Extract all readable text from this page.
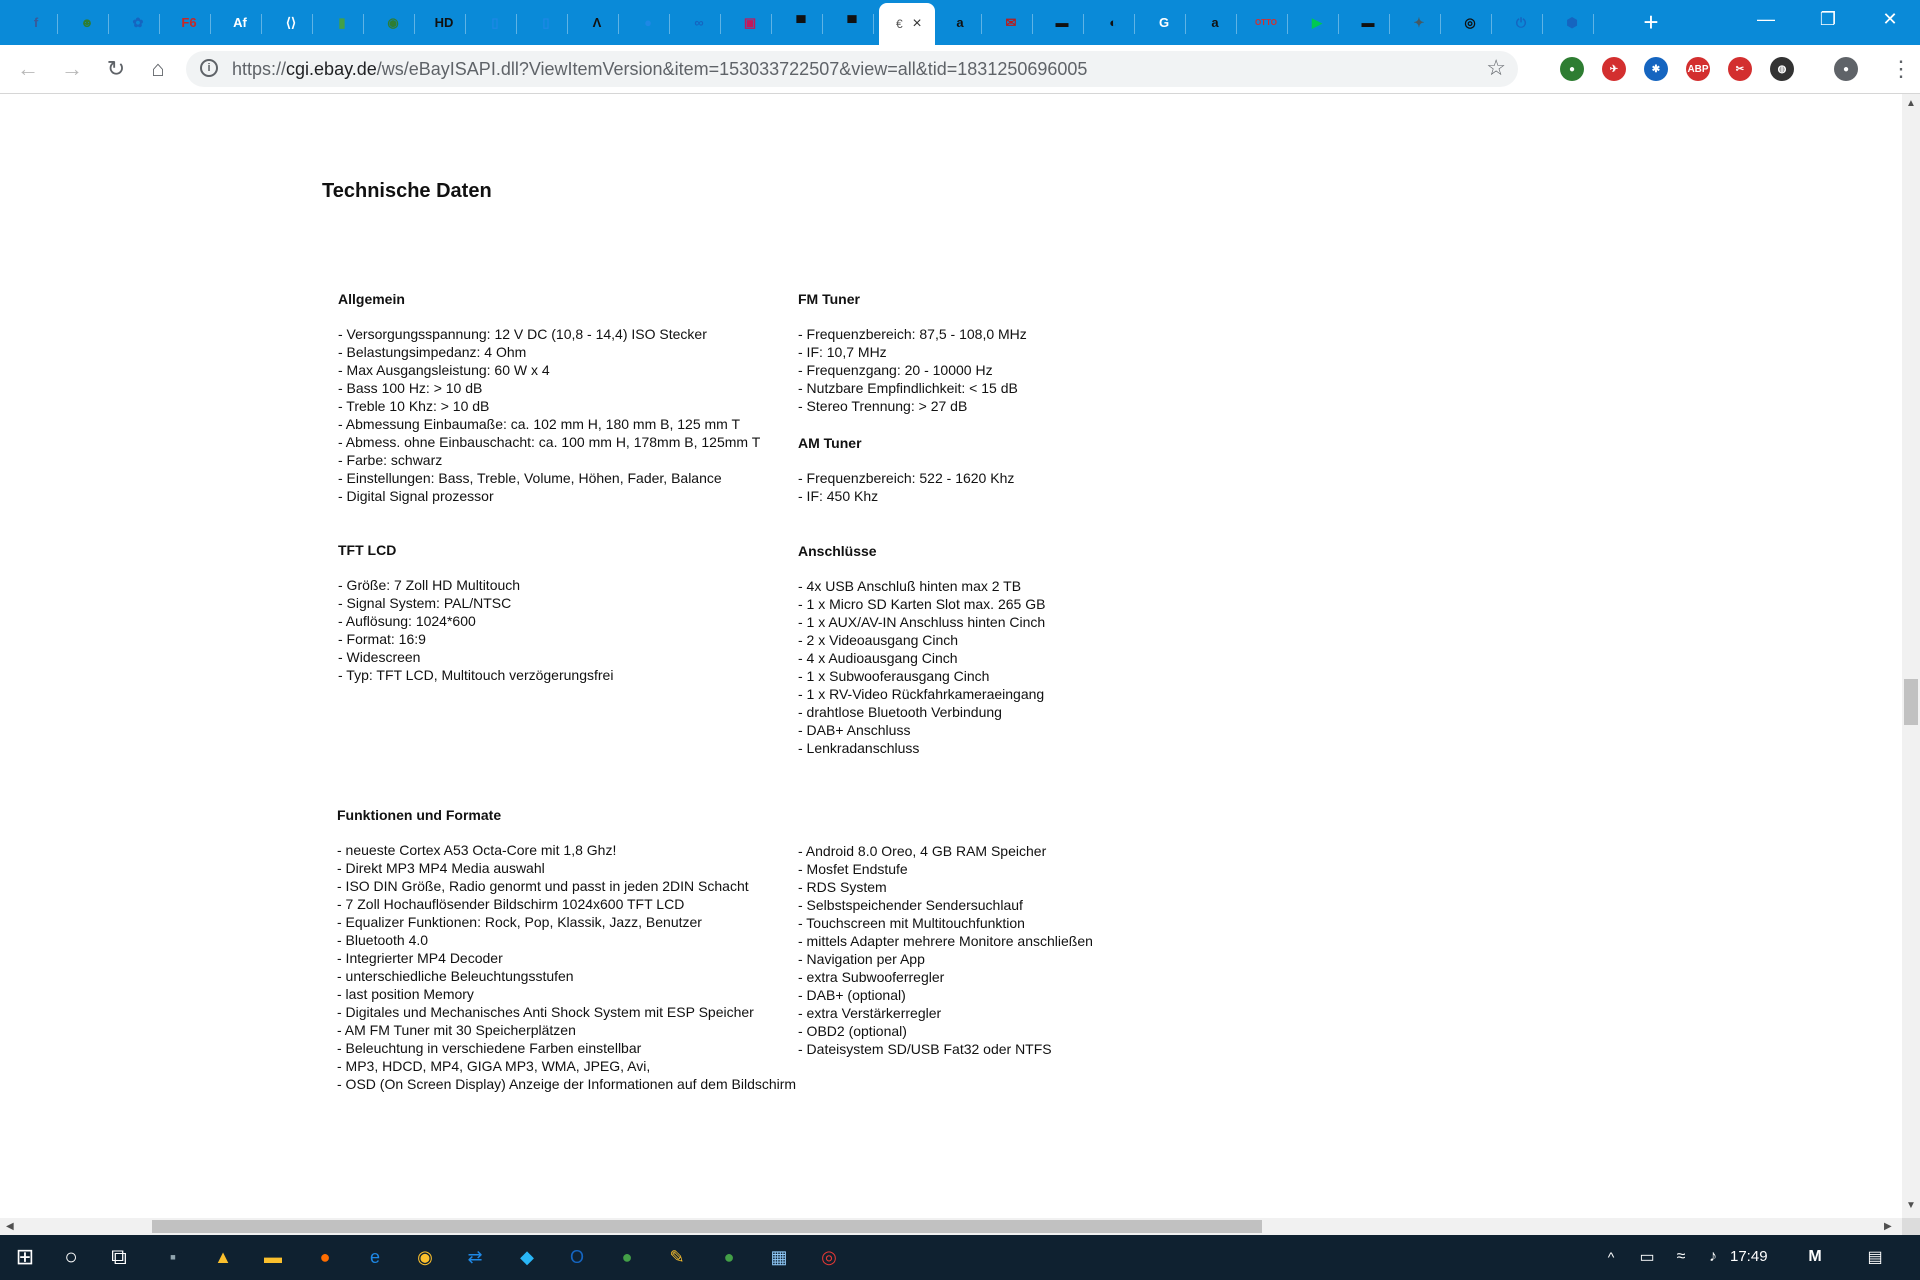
+	—	❐	✕
f	☻	✿	F6	Af	⟨⟩	▮	◉	HD	▯	▯	Λ	●	∞	▣	▀	▀	€ ×	a	✉	▬	◐	G	a	OTTO	▶	▬	✦	◎	⏻	⬢
← →	↻	⌂	i	https://cgi.ebay.de/ws/eBayISAPI.dll?ViewItemVersion&item=153033722507&view=all&tid=1831250696005	☆	●	✈	✱	ABP	✂	◍	●	⋮
Technische Daten
Allgemein
- Versorgungsspannung: 12 V DC (10,8 - 14,4) ISO Stecker
- Belastungsimpedanz: 4 Ohm
- Max Ausgangsleistung: 60 W x 4
- Bass 100 Hz: > 10 dB
- Treble 10 Khz: > 10 dB
- Abmessung Einbaumaße: ca. 102 mm H, 180 mm B, 125 mm T
- Abmess. ohne Einbauschacht: ca. 100 mm H, 178mm B, 125mm T
- Farbe: schwarz
- Einstellungen: Bass, Treble, Volume, Höhen, Fader, Balance
- Digital Signal prozessor
FM Tuner
- Frequenzbereich: 87,5 - 108,0 MHz
- IF: 10,7 MHz
- Frequenzgang: 20 - 10000 Hz
- Nutzbare Empfindlichkeit: < 15 dB
- Stereo Trennung: > 27 dB
AM Tuner
- Frequenzbereich: 522 - 1620 Khz
- IF: 450 Khz
TFT LCD
- Größe: 7 Zoll HD Multitouch
- Signal System: PAL/NTSC
- Auflösung: 1024*600
- Format: 16:9
- Widescreen
- Typ: TFT LCD, Multitouch verzögerungsfrei
Anschlüsse
- 4x USB Anschluß hinten max 2 TB
- 1 x Micro SD Karten Slot max. 265 GB
- 1 x AUX/AV-IN Anschluss hinten Cinch
- 2 x Videoausgang Cinch
- 4 x Audioausgang Cinch
- 1 x Subwooferausgang Cinch
- 1 x RV-Video Rückfahrkameraeingang
- drahtlose Bluetooth Verbindung
- DAB+ Anschluss
- Lenkradanschluss
Funktionen und Formate
- neueste Cortex A53 Octa-Core mit 1,8 Ghz!
- Direkt MP3 MP4 Media auswahl
- ISO DIN Größe, Radio genormt und passt in jeden 2DIN Schacht
- 7 Zoll Hochauflösender Bildschirm 1024x600 TFT LCD
- Equalizer Funktionen: Rock, Pop, Klassik, Jazz, Benutzer
- Bluetooth 4.0
- Integrierter MP4 Decoder
- unterschiedliche Beleuchtungsstufen
- last position Memory
- Digitales und Mechanisches Anti Shock System mit ESP Speicher
- AM FM Tuner mit 30 Speicherplätzen
- Beleuchtung in verschiedene Farben einstellbar
- MP3, HDCD, MP4, GIGA MP3, WMA, JPEG, Avi,
- OSD (On Screen Display) Anzeige der Informationen auf dem Bildschirm
- Android 8.0 Oreo, 4 GB RAM Speicher
- Mosfet Endstufe
- RDS System
- Selbstspeichender Sendersuchlauf
- Touchscreen mit Multitouchfunktion
- mittels Adapter mehrere Monitore anschließen
- Navigation per App
- extra Subwooferregler
- DAB+ (optional)
- extra Verstärkerregler
- OBD2 (optional)
- Dateisystem SD/USB Fat32 oder NTFS
▲
▼
◀	▶
^	▭	≈	♪ 17:49	M	▤
⊞	○	⧉	▪	▲	▬	●	e	◉	⇄	◆	O	●	✎	●	▦	◎
